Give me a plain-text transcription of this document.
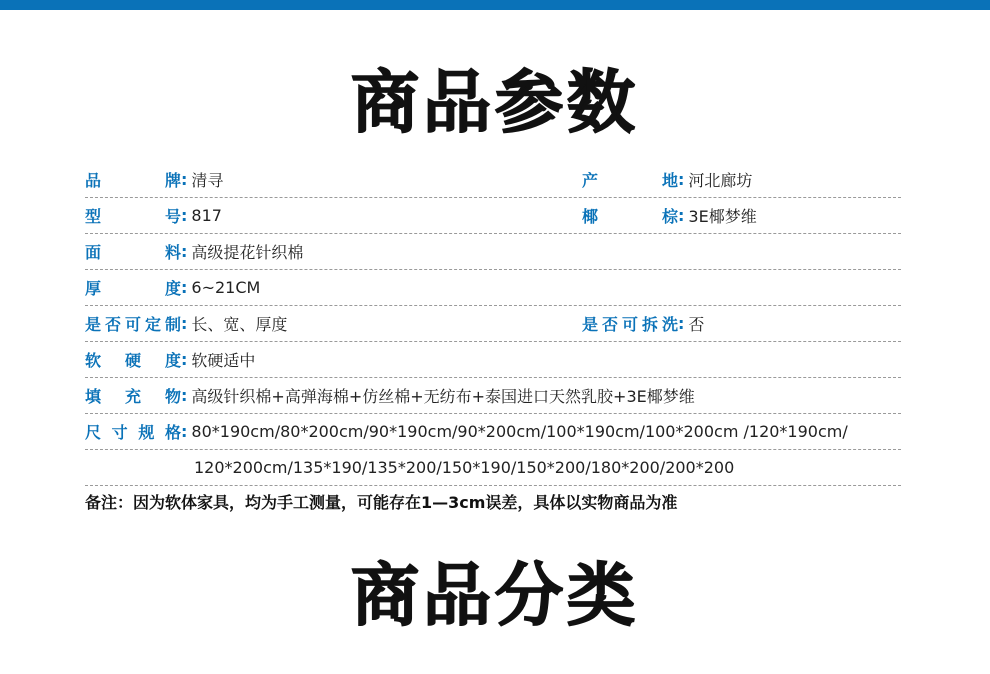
商品参数
品牌 : 清寻	产地 : 河北廊坊
型号 : 817	椰棕 : 3E椰梦维
面料 : 高级提花针织棉
厚度 : 6~21CM
是否可定制 : 长、宽、厚度	是否可拆洗 : 否
软硬度 : 软硬适中
填充物 : 高级针织棉+高弹海棉+仿丝棉+无纺布+泰国进口天然乳胶+3E椰梦维
尺寸规格 : 80*190cm/80*200cm/90*190cm/90*200cm/100*190cm/100*200cm /120*190cm/
120*200cm/135*190/135*200/150*190/150*200/180*200/200*200
备注：因为软体家具，均为手工测量，可能存在1—3cm误差，具体以实物商品为准
商品分类
